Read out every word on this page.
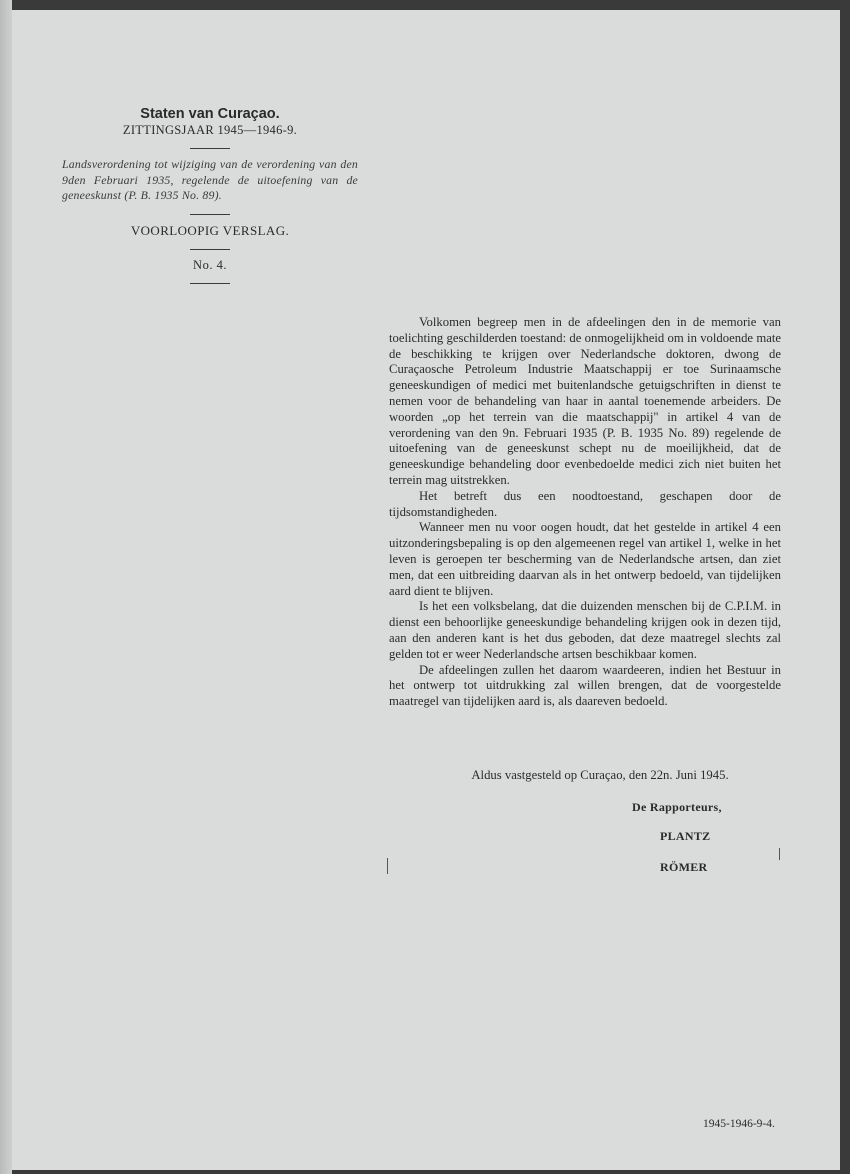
Staten van Curaçao.
ZITTINGSJAAR 1945—1946-9.
Landsverordening tot wijziging van de verordening van den 9den Februari 1935, regelende de uitoefening van de geneeskunst (P. B. 1935 No. 89).
VOORLOOPIG VERSLAG.
No. 4.

Volkomen begreep men in de afdeelingen den in de memorie van toelichting geschilderden toestand: de onmogelijkheid om in voldoende mate de beschikking te krijgen over Nederlandsche doktoren, dwong de Curaçaosche Petroleum Industrie Maatschappij er toe Surinaamsche geneeskundigen of medici met buitenlandsche getuigschriften in dienst te nemen voor de behandeling van haar in aantal toenemende arbeiders. De woorden „op het terrein van die maatschappij" in artikel 4 van de verordening van den 9n. Februari 1935 (P. B. 1935 No. 89) regelende de uitoefening van de geneeskunst schept nu de moeilijkheid, dat de geneeskundige behandeling door evenbedoelde medici zich niet buiten het terrein mag uitstrekken.

Het betreft dus een noodtoestand, geschapen door de tijdsomstandigheden.

Wanneer men nu voor oogen houdt, dat het gestelde in artikel 4 een uitzonderingsbepaling is op den algemeenen regel van artikel 1, welke in het leven is geroepen ter bescherming van de Nederlandsche artsen, dan ziet men, dat een uitbreiding daarvan als in het ontwerp bedoeld, van tijdelijken aard dient te blijven.

Is het een volksbelang, dat die duizenden menschen bij de C.P.I.M. in dienst een behoorlijke geneeskundige behandeling krijgen ook in dezen tijd, aan den anderen kant is het dus geboden, dat deze maatregel slechts zal gelden tot er weer Nederlandsche artsen beschikbaar komen.

De afdeelingen zullen het daarom waardeeren, indien het Bestuur in het ontwerp tot uitdrukking zal willen brengen, dat de voorgestelde maatregel van tijdelijken aard is, als daareven bedoeld.

Aldus vastgesteld op Curaçao, den 22n. Juni 1945.
De Rapporteurs,
PLANTZ
RÖMER
1945-1946-9-4.
